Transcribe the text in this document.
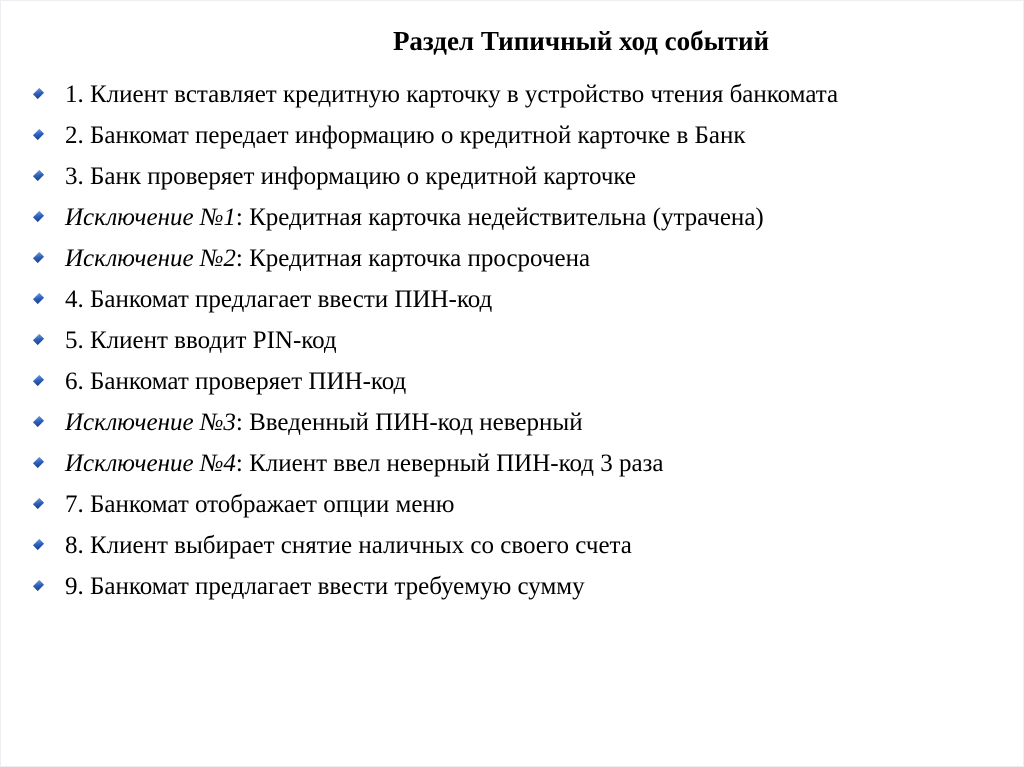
Раздел Типичный ход событий
1. Клиент вставляет кредитную карточку в устройство чтения банкомата
2. Банкомат передает информацию о кредитной карточке в Банк
3. Банк проверяет информацию о кредитной карточке
Исключение №1: Кредитная карточка недействительна (утрачена)
Исключение №2: Кредитная карточка просрочена
4. Банкомат предлагает ввести ПИН-код
5. Клиент вводит PIN-код
6. Банкомат проверяет ПИН-код
Исключение №3: Введенный ПИН-код неверный
Исключение №4: Клиент ввел неверный ПИН-код 3 раза
7. Банкомат отображает опции меню
8. Клиент выбирает снятие наличных со своего счета
9. Банкомат предлагает ввести требуемую сумму
